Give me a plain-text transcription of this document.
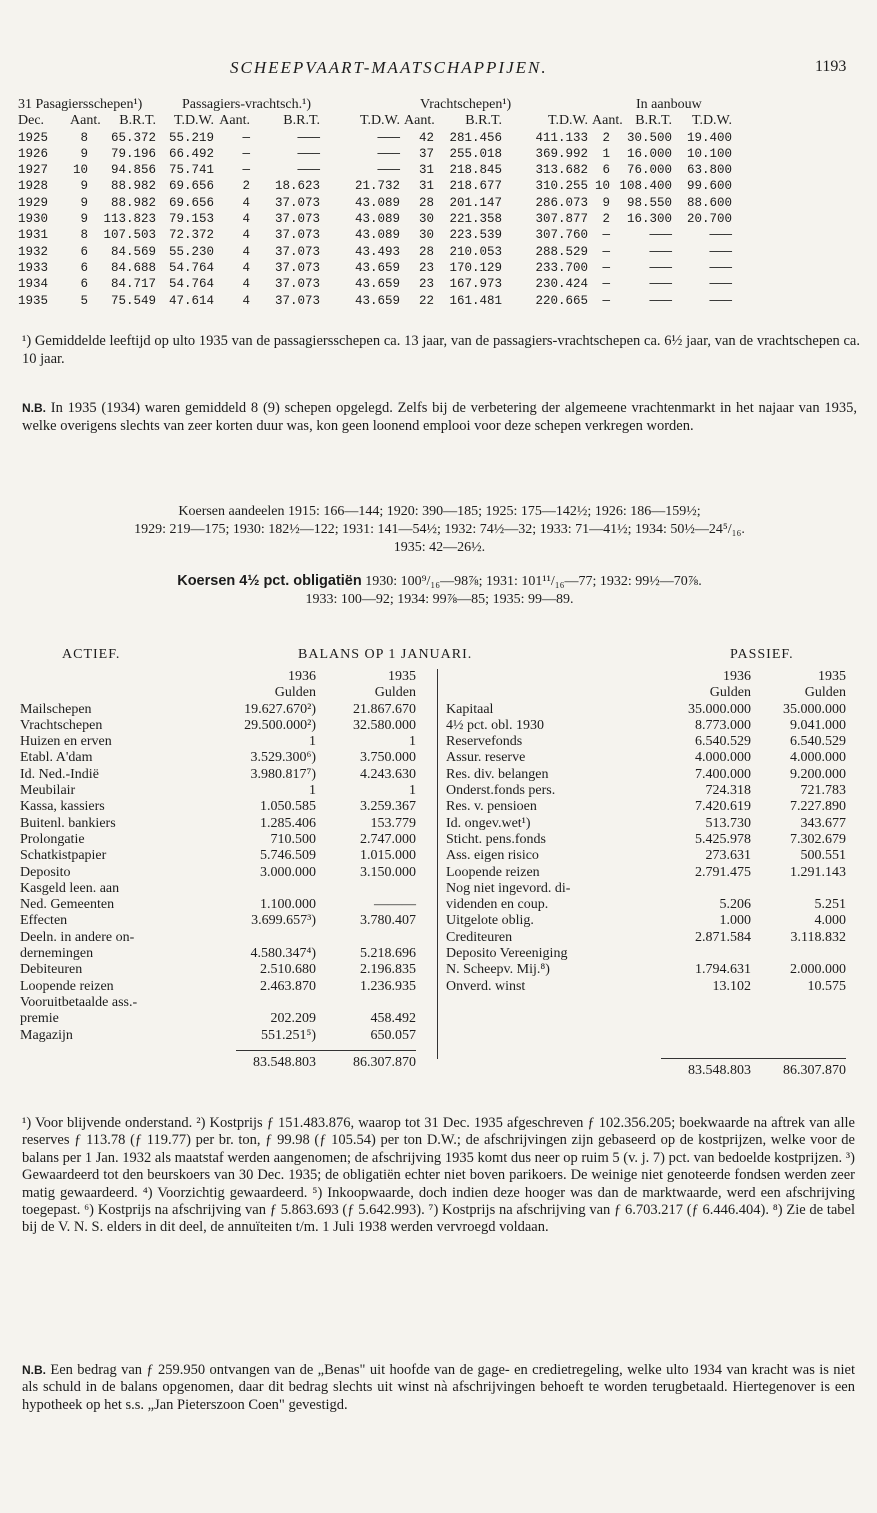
SCHEEPVAART-MAATSCHAPPIJEN.	1193
31 Pasagiersschepen¹)	Passagiers-vrachtsch.¹)	Vrachtschepen¹)	In aanbouw
Dec.	Aant.	B.R.T.	T.D.W. Aant.	B.R.T.	T.D.W. Aant.	B.R.T.	T.D.W. Aant. B.R.T.	T.D.W.
1925	8	65.372	55.219	—	———	———	42	281.456	411.133	2	30.500	19.400
1926	9	79.196	66.492	—	———	———	37	255.018	369.992	1	16.000	10.100
1927	10	94.856	75.741	—	———	———	31	218.845	313.682	6	76.000	63.800
1928	9	88.982	69.656	2	18.623	21.732	31	218.677	310.255 10 108.400	99.600
1929	9	88.982	69.656	4	37.073	43.089	28	201.147	286.073	9	98.550	88.600
1930	9	113.823	79.153	4	37.073	43.089	30	221.358	307.877	2	16.300	20.700
1931	8	107.503	72.372	4	37.073	43.089	30	223.539	307.760	—	———	———
1932	6	84.569	55.230	4	37.073	43.493	28	210.053	288.529	—	———	———
1933	6	84.688	54.764	4	37.073	43.659	23	170.129	233.700	—	———	———
1934	6	84.717	54.764	4	37.073	43.659	23	167.973	230.424	—	———	———
1935	5	75.549	47.614	4	37.073	43.659	22	161.481	220.665	—	———	———
¹) Gemiddelde leeftijd op ulto 1935 van de passagiersschepen ca. 13 jaar, van de passagiers-vrachtschepen ca. 6½ jaar, van de vrachtschepen ca. 10 jaar.
N.B. In 1935 (1934) waren gemiddeld 8 (9) schepen opgelegd. Zelfs bij de verbetering der algemeene vrachtenmarkt in het najaar van 1935, welke overigens slechts van zeer korten duur was, kon geen loonend emplooi voor deze schepen verkregen worden.
Koersen aandeelen 1915: 166—144; 1920: 390—185; 1925: 175—142½; 1926: 186—159½;
1929: 219—175; 1930: 182½—122; 1931: 141—54½; 1932: 74½—32; 1933: 71—41½; 1934: 50½—24⁵/₁₆.
1935: 42—26½.
Koersen 4½ pct. obligatiën 1930: 100⁹/₁₆—98⅞; 1931: 101¹¹/₁₆—77; 1932: 99½—70⅞.
1933: 100—92; 1934: 99⅞—85; 1935: 99—89.
ACTIEF.	BALANS OP 1 JANUARI.	PASSIEF.
1936	1935
Gulden	Gulden
Mailschepen	19.627.670²)	21.867.670
Vrachtschepen	29.500.000²)	32.580.000
Huizen en erven	1	1
Etabl. A'dam	3.529.300⁶)	3.750.000
Id. Ned.-Indië	3.980.817⁷)	4.243.630
Meubilair	1	1
Kassa, kassiers	1.050.585	3.259.367
Buitenl. bankiers	1.285.406	153.779
Prolongatie	710.500	2.747.000
Schatkistpapier	5.746.509	1.015.000
Deposito	3.000.000	3.150.000
Kasgeld leen. aan
Ned. Gemeenten	1.100.000	———
Effecten	3.699.657³)	3.780.407
Deeln. in andere on-
dernemingen	4.580.347⁴)	5.218.696
Debiteuren	2.510.680	2.196.835
Loopende reizen	2.463.870	1.236.935
Vooruitbetaalde ass.-
premie	202.209	458.492
Magazijn	551.251⁵)	650.057
83.548.803	86.307.870
1936	1935
Gulden	Gulden
Kapitaal	35.000.000	35.000.000
4½ pct. obl. 1930	8.773.000	9.041.000
Reservefonds	6.540.529	6.540.529
Assur. reserve	4.000.000	4.000.000
Res. div. belangen	7.400.000	9.200.000
Onderst.fonds pers.	724.318	721.783
Res. v. pensioen	7.420.619	7.227.890
Id. ongev.wet¹)	513.730	343.677
Sticht. pens.fonds	5.425.978	7.302.679
Ass. eigen risico	273.631	500.551
Loopende reizen	2.791.475	1.291.143
Nog niet ingevord. di-
videnden en coup.	5.206	5.251
Uitgelote oblig.	1.000	4.000
Crediteuren	2.871.584	3.118.832
Deposito Vereeniging
N. Scheepv. Mij.⁸)	1.794.631	2.000.000
Onverd. winst	13.102	10.575
83.548.803	86.307.870
¹) Voor blijvende onderstand. ²) Kostprijs ƒ 151.483.876, waarop tot 31 Dec. 1935 afgeschreven ƒ 102.356.205; boekwaarde na aftrek van alle reserves ƒ 113.78 (ƒ 119.77) per br. ton, ƒ 99.98 (ƒ 105.54) per ton D.W.; de afschrijvingen zijn gebaseerd op de kostprijzen, welke voor de balans per 1 Jan. 1932 als maatstaf werden aangenomen; de afschrijving 1935 komt dus neer op ruim 5 (v. j. 7) pct. van bedoelde kostprijzen. ³) Gewaardeerd tot den beurskoers van 30 Dec. 1935; de obligatiën echter niet boven parikoers. De weinige niet genoteerde fondsen werden zeer matig gewaardeerd. ⁴) Voorzichtig gewaardeerd. ⁵) Inkoopwaarde, doch indien deze hooger was dan de marktwaarde, werd een afschrijving toegepast. ⁶) Kostprijs na afschrijving van ƒ 5.863.693 (ƒ 5.642.993). ⁷) Kostprijs na afschrijving van ƒ 6.703.217 (ƒ 6.446.404). ⁸) Zie de tabel bij de V. N. S. elders in dit deel, de annuïteiten t/m. 1 Juli 1938 werden vervroegd voldaan.
N.B. Een bedrag van ƒ 259.950 ontvangen van de „Benas" uit hoofde van de gage- en credietregeling, welke ulto 1934 van kracht was is niet als schuld in de balans opgenomen, daar dit bedrag slechts uit winst nà afschrijvingen behoeft te worden terugbetaald. Hiertegenover is een hypotheek op het s.s. „Jan Pieterszoon Coen" gevestigd.
